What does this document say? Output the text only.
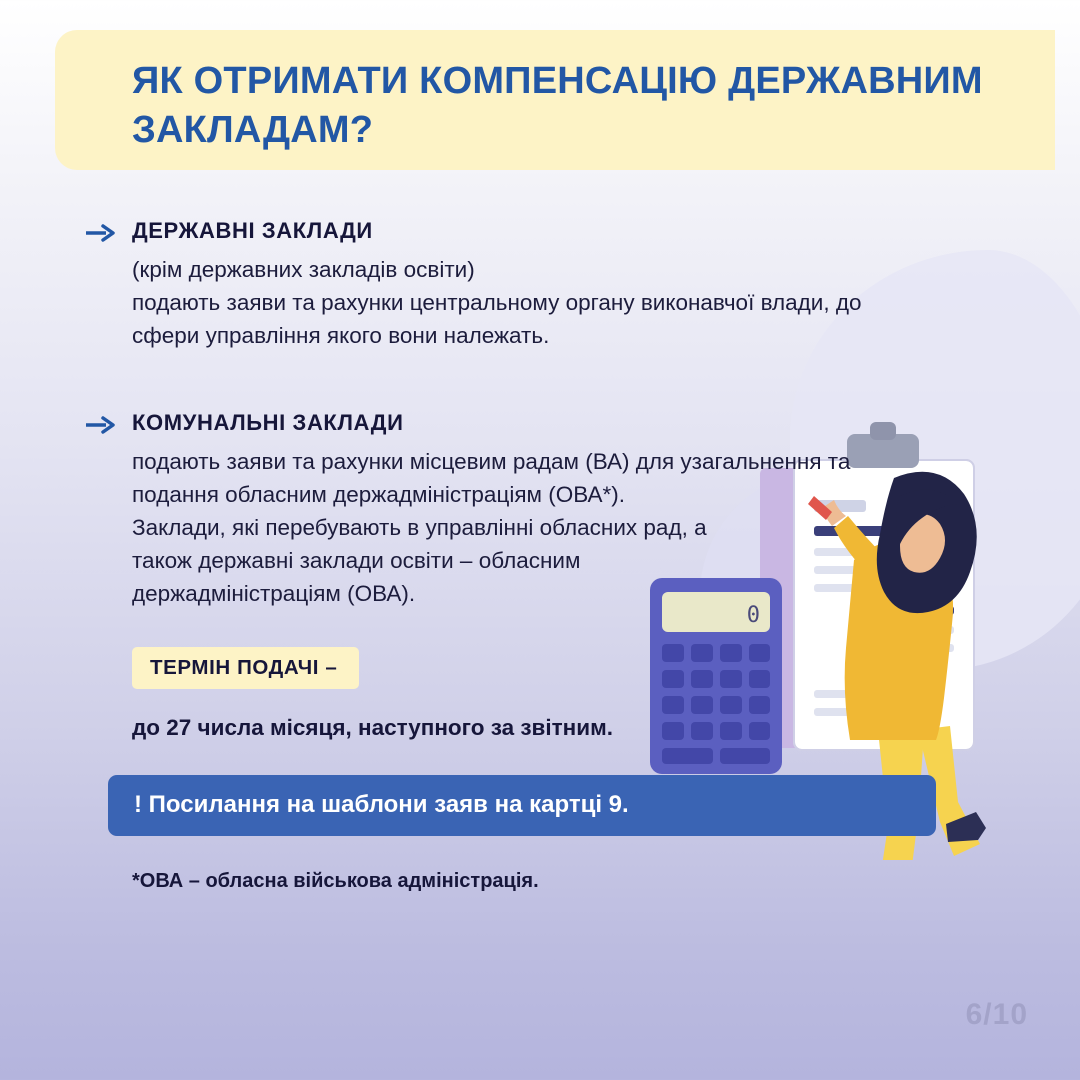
ЯК ОТРИМАТИ КОМПЕНСАЦІЮ ДЕРЖАВНИМ ЗАКЛАДАМ?
0
ДЕРЖАВНІ ЗАКЛАДИ

(крім державних закладів освіти)

подають заяви та рахунки центральному органу виконавчої влади, до сфери управління якого вони належать.

КОМУНАЛЬНІ ЗАКЛАДИ

подають заяви та рахунки місцевим радам (ВА) для узагальнення та подання обласним держадміністраціям (ОВА*).

Заклади, які перебувають в управлінні обласних рад, а також державні заклади освіти – обласним держадміністраціям (ОВА).

ТЕРМІН ПОДАЧІ –
до 27 числа місяця, наступного за звітним.
! Посилання на шаблони заяв на картці 9.
*ОВА – обласна військова адміністрація.
6/10
